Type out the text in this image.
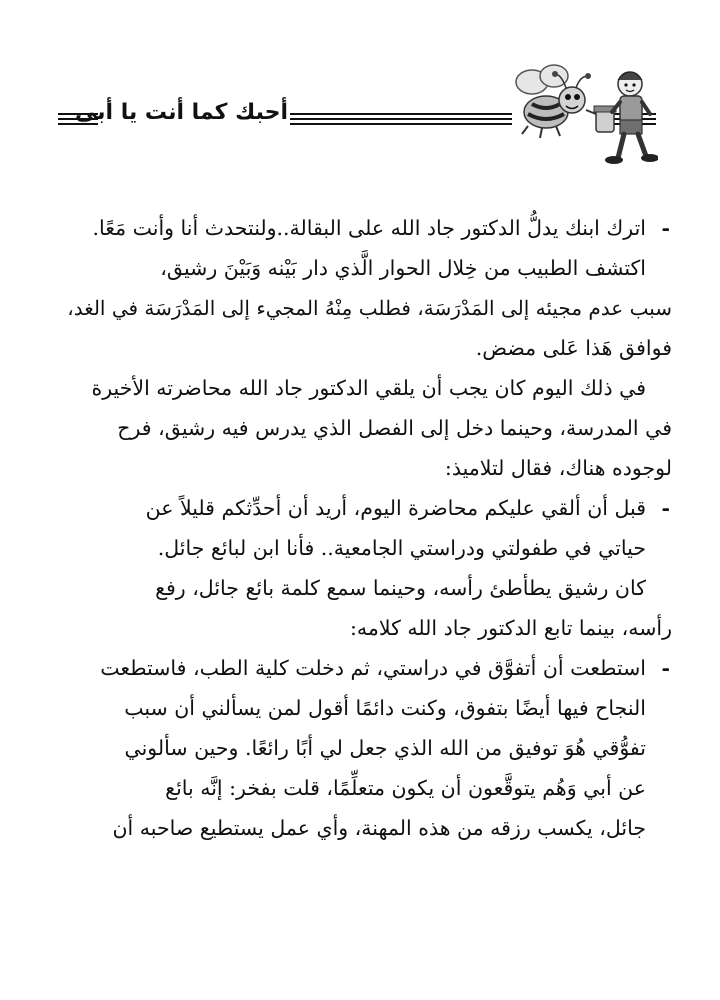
أحبك كما أنت يا أبي
- اترك ابنك يدلُّ الدكتور جاد الله على البقالة..ولنتحدث أنا وأنت مَعًا.
اكتشف الطبيب من خِلال الحوار الَّذي دار بَيْنه وَبَيْنَ رشيق،
سبب عدم مجيئه إلى المَدْرَسَة، فطلب مِنْهُ المجيء إلى المَدْرَسَة في الغد،
فوافق هَذا عَلى مضض.
في ذلك اليوم كان يجب أن يلقي الدكتور جاد الله محاضرته الأخيرة
في المدرسة، وحينما دخل إلى الفصل الذي يدرس فيه رشيق، فرح
لوجوده هناك، فقال لتلاميذ:
- قبل أن ألقي عليكم محاضرة اليوم، أريد أن أحدِّثكم قليلاً عن
حياتي في طفولتي ودراستي الجامعية.. فأنا ابن لبائع جائل.
كان رشيق يطأطئ رأسه، وحينما سمع كلمة بائع جائل، رفع
رأسه، بينما تابع الدكتور جاد الله كلامه:
- استطعت أن أتفوَّق في دراستي، ثم دخلت كلية الطب، فاستطعت
النجاح فيها أيضًا بتفوق، وكنت دائمًا أقول لمن يسألني أن سبب
تفوُّقي هُوَ توفيق من الله الذي جعل لي أبًا رائعًا. وحين سألوني
عن أبي وَهُم يتوقَّعون أن يكون متعلِّمًا، قلت بفخر: إنَّه بائع
جائل، يكسب رزقه من هذه المهنة، وأي عمل يستطيع صاحبه أن
